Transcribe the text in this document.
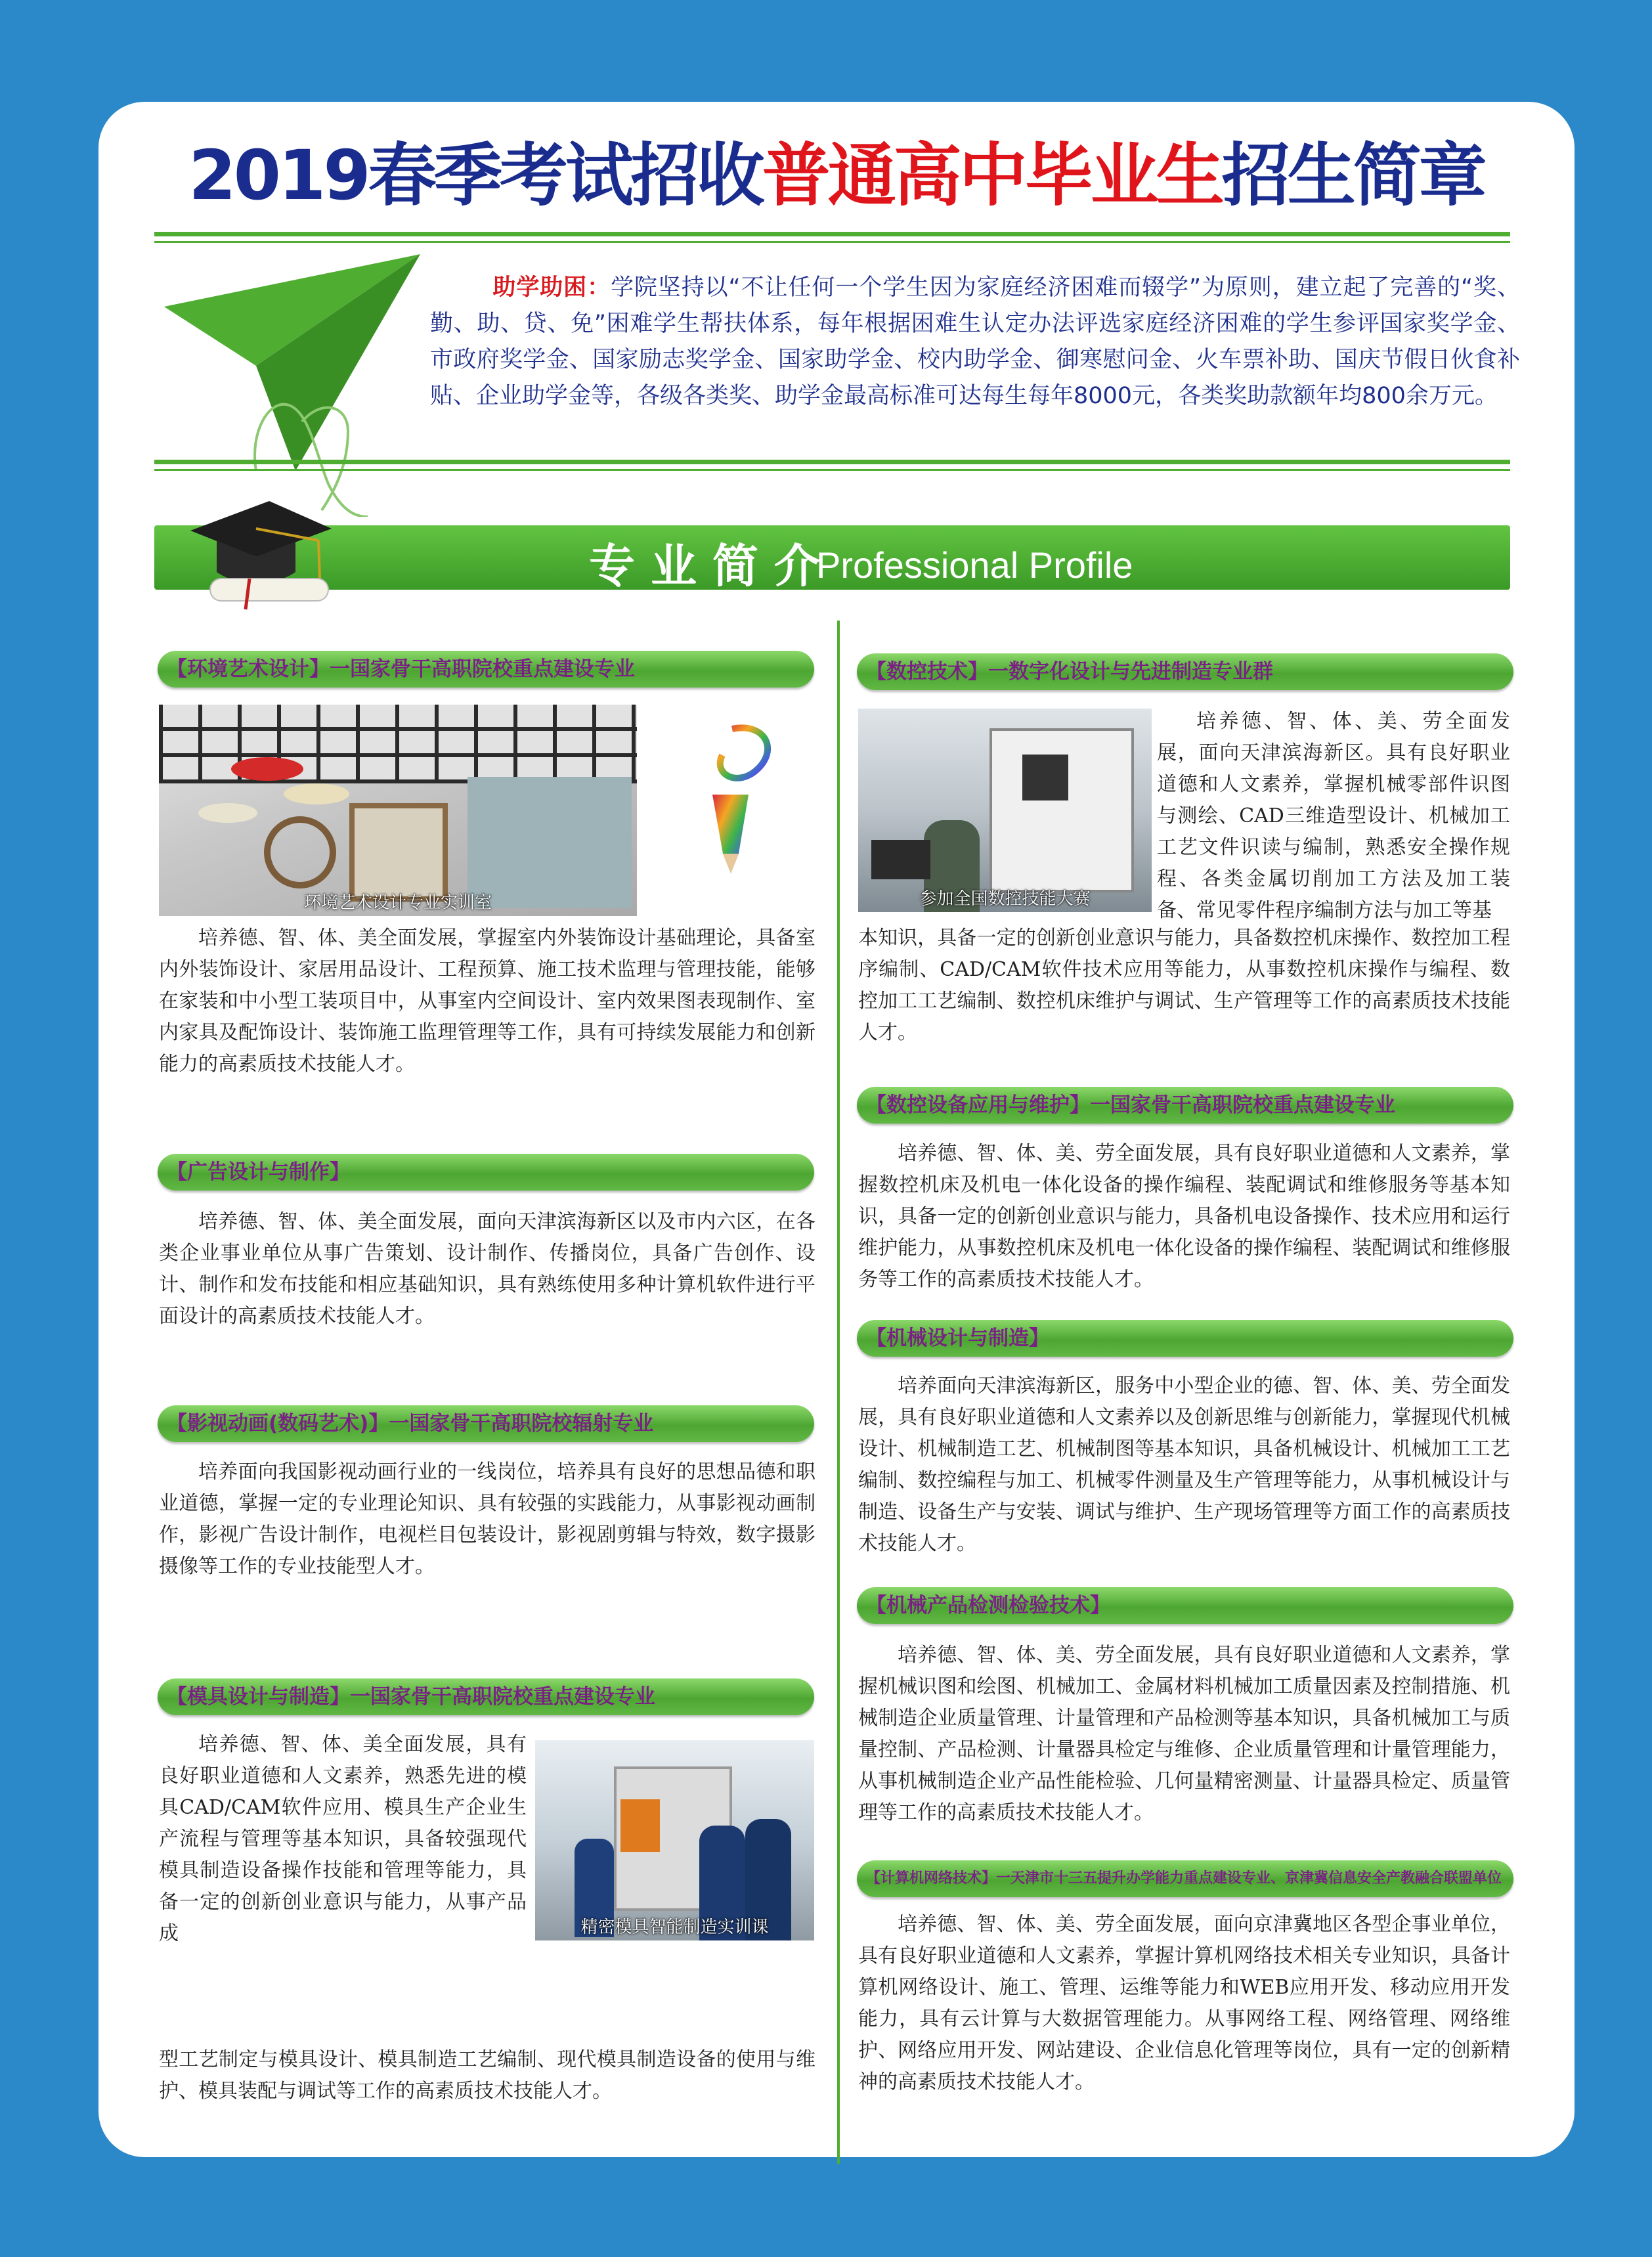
2019春季考试招收普通高中毕业生招生简章
助学助困：学院坚持以“不让任何一个学生因为家庭经济困难而辍学”为原则，建立起了完善的“奖、勤、助、贷、免”困难学生帮扶体系，每年根据困难生认定办法评选家庭经济困难的学生参评国家奖学金、市政府奖学金、国家励志奖学金、国家助学金、校内助学金、御寒慰问金、火车票补助、国庆节假日伙食补贴、企业助学金等，各级各类奖、助学金最高标准可达每生每年8000元，各类奖助款额年均800余万元。
专业简介
Professional Profile
【环境艺术设计】一国家骨干高职院校重点建设专业
环境艺术设计专业实训室
培养德、智、体、美全面发展，掌握室内外装饰设计基础理论，具备室内外装饰设计、家居用品设计、工程预算、施工技术监理与管理技能，能够在家装和中小型工装项目中，从事室内空间设计、室内效果图表现制作、室内家具及配饰设计、装饰施工监理管理等工作，具有可持续发展能力和创新能力的高素质技术技能人才。
【广告设计与制作】
培养德、智、体、美全面发展，面向天津滨海新区以及市内六区，在各类企业事业单位从事广告策划、设计制作、传播岗位，具备广告创作、设计、制作和发布技能和相应基础知识，具有熟练使用多种计算机软件进行平面设计的高素质技术技能人才。
【影视动画(数码艺术)】一国家骨干高职院校辐射专业
培养面向我国影视动画行业的一线岗位，培养具有良好的思想品德和职业道德，掌握一定的专业理论知识、具有较强的实践能力，从事影视动画制作，影视广告设计制作，电视栏目包装设计，影视剧剪辑与特效，数字摄影摄像等工作的专业技能型人才。
【模具设计与制造】一国家骨干高职院校重点建设专业
培养德、智、体、美全面发展，具有良好职业道德和人文素养，熟悉先进的模具CAD/CAM软件应用、模具生产企业生产流程与管理等基本知识，具备较强现代模具制造设备操作技能和管理等能力，具备一定的创新创业意识与能力，从事产品成	精密模具智能制造实训课
型工艺制定与模具设计、模具制造工艺编制、现代模具制造设备的使用与维护、模具装配与调试等工作的高素质技术技能人才。
【数控技术】一数字化设计与先进制造专业群
参加全国数控技能大赛
培养德、智、体、美、劳全面发展，面向天津滨海新区。具有良好职业道德和人文素养，掌握机械零部件识图与测绘、CAD三维造型设计、机械加工工艺文件识读与编制，熟悉安全操作规程、各类金属切削加工方法及加工装备、常见零件程序编制方法与加工等基
本知识，具备一定的创新创业意识与能力，具备数控机床操作、数控加工程序编制、CAD/CAM软件技术应用等能力，从事数控机床操作与编程、数控加工工艺编制、数控机床维护与调试、生产管理等工作的高素质技术技能人才。
【数控设备应用与维护】一国家骨干高职院校重点建设专业
培养德、智、体、美、劳全面发展，具有良好职业道德和人文素养，掌握数控机床及机电一体化设备的操作编程、装配调试和维修服务等基本知识，具备一定的创新创业意识与能力，具备机电设备操作、技术应用和运行维护能力，从事数控机床及机电一体化设备的操作编程、装配调试和维修服务等工作的高素质技术技能人才。
【机械设计与制造】
培养面向天津滨海新区，服务中小型企业的德、智、体、美、劳全面发展，具有良好职业道德和人文素养以及创新思维与创新能力，掌握现代机械设计、机械制造工艺、机械制图等基本知识，具备机械设计、机械加工工艺编制、数控编程与加工、机械零件测量及生产管理等能力，从事机械设计与制造、设备生产与安装、调试与维护、生产现场管理等方面工作的高素质技术技能人才。
【机械产品检测检验技术】
培养德、智、体、美、劳全面发展，具有良好职业道德和人文素养，掌握机械识图和绘图、机械加工、金属材料机械加工质量因素及控制措施、机械制造企业质量管理、计量管理和产品检测等基本知识，具备机械加工与质量控制、产品检测、计量器具检定与维修、企业质量管理和计量管理能力，从事机械制造企业产品性能检验、几何量精密测量、计量器具检定、质量管理等工作的高素质技术技能人才。
【计算机网络技术】一天津市十三五提升办学能力重点建设专业、京津冀信息安全产教融合联盟单位
培养德、智、体、美、劳全面发展，面向京津冀地区各型企事业单位，具有良好职业道德和人文素养，掌握计算机网络技术相关专业知识，具备计算机网络设计、施工、管理、运维等能力和WEB应用开发、移动应用开发能力，具有云计算与大数据管理能力。从事网络工程、网络管理、网络维护、网络应用开发、网站建设、企业信息化管理等岗位，具有一定的创新精神的高素质技术技能人才。
